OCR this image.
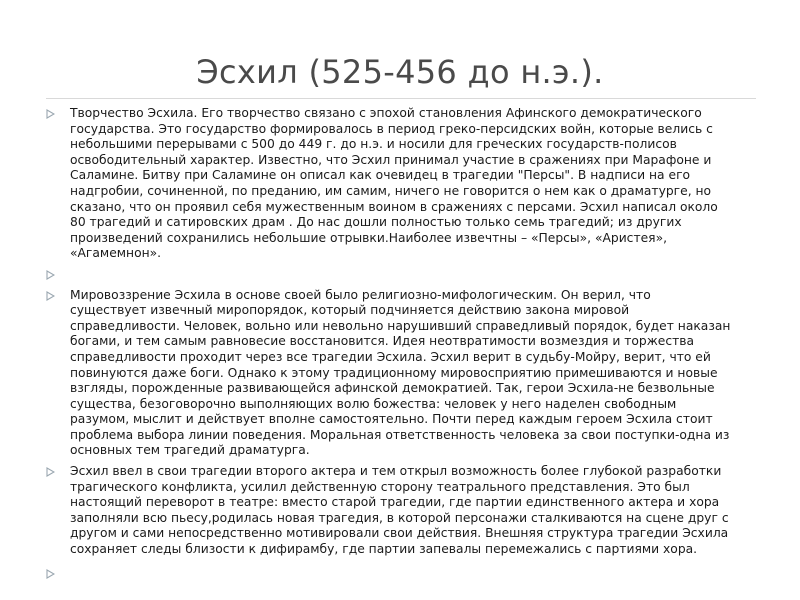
Эсхил (525-456 до н.э.).
Творчество Эсхила. Его творчество связано с эпохой становления Афинского демократического
государства. Это государство формировалось в период греко-персидских войн, которые велись с
небольшими перерывами с 500 до 449 г. до н.э. и носили для греческих государств-полисов
освободительный характер. Известно, что Эсхил принимал участие в сражениях при Марафоне и
Саламине. Битву при Саламине он описал как очевидец в трагедии "Персы". В надписи на его
надгробии, сочиненной, по преданию, им самим, ничего не говорится о нем как о драматурге, но
сказано, что он проявил себя мужественным воином в сражениях с персами. Эсхил написал около
80 трагедий и сатировских драм . До нас дошли полностью только семь трагедий; из других
произведений сохранились небольшие отрывки.Наиболее извечтны – «Персы», «Аристея»,
«Агамемнон».
Мировоззрение Эсхила в основе своей было религиозно-мифологическим. Он верил, что
существует извечный миропорядок, который подчиняется действию закона мировой
справедливости. Человек, вольно или невольно нарушивший справедливый порядок, будет наказан
богами, и тем самым равновесие восстановится. Идея неотвратимости возмездия и торжества
справедливости проходит через все трагедии Эсхила. Эсхил верит в судьбу-Мойру, верит, что ей
повинуются даже боги. Однако к этому традиционному мировосприятию примешиваются и новые
взгляды, порожденные развивающейся афинской демократией. Так, герои Эсхила-не безвольные
существа, безоговорочно выполняющих волю божества: человек у него наделен свободным
разумом, мыслит и действует вполне самостоятельно. Почти перед каждым героем Эсхила стоит
проблема выбора линии поведения. Моральная ответственность человека за свои поступки-одна из
основных тем трагедий драматурга.
Эсхил ввел в свои трагедии второго актера и тем открыл возможность более глубокой разработки
трагического конфликта, усилил действенную сторону театрального представления. Это был
настоящий переворот в театре: вместо старой трагедии, где партии единственного актера и хора
заполняли всю пьесу,родилась новая трагедия, в которой персонажи сталкиваются на сцене друг с
другом и сами непосредственно мотивировали свои действия. Внешняя структура трагедии Эсхила
сохраняет следы близости к дифирамбу, где партии запевалы перемежались с партиями хора.
